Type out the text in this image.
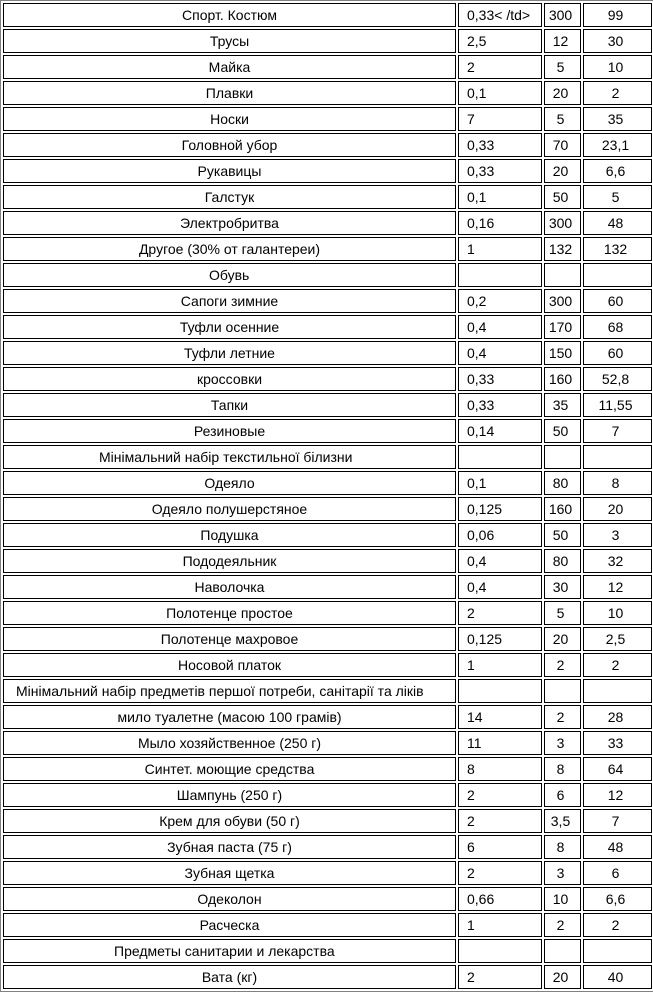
Спорт. Костюм	0,33< /td>	300	99
Трусы	2,5	12	30
Майка	2	5	10
Плавки	0,1	20	2
Носки	7	5	35
Головной убор	0,33	70	23,1
Рукавицы	0,33	20	6,6
Галстук	0,1	50	5
Электробритва	0,16	300	48
Другое (30% от галантереи)	1	132	132
Обувь			
Сапоги зимние	0,2	300	60
Туфли осенние	0,4	170	68
Туфли летние	0,4	150	60
кроссовки	0,33	160	52,8
Тапки	0,33	35	11,55
Резиновые	0,14	50	7
Мінімальний набір текстильної білизни			
Одеяло	0,1	80	8
Одеяло полушерстяное	0,125	160	20
Подушка	0,06	50	3
Пододеяльник	0,4	80	32
Наволочка	0,4	30	12
Полотенце простое	2	5	10
Полотенце махровое	0,125	20	2,5
Носовой платок	1	2	2
Мінімальний набір предметів першої потреби, санітарії та ліків			
мило туалетне (масою 100 грамів)	14	2	28
Мыло хозяйственное (250 г)	11	3	33
Синтет. моющие средства	8	8	64
Шампунь (250 г)	2	6	12
Крем для обуви (50 г)	2	3,5	7
Зубная паста (75 г)	6	8	48
Зубная щетка	2	3	6
Одеколон	0,66	10	6,6
Расческа	1	2	2
Предметы санитарии и лекарства			
Вата (кг)	2	20	40
